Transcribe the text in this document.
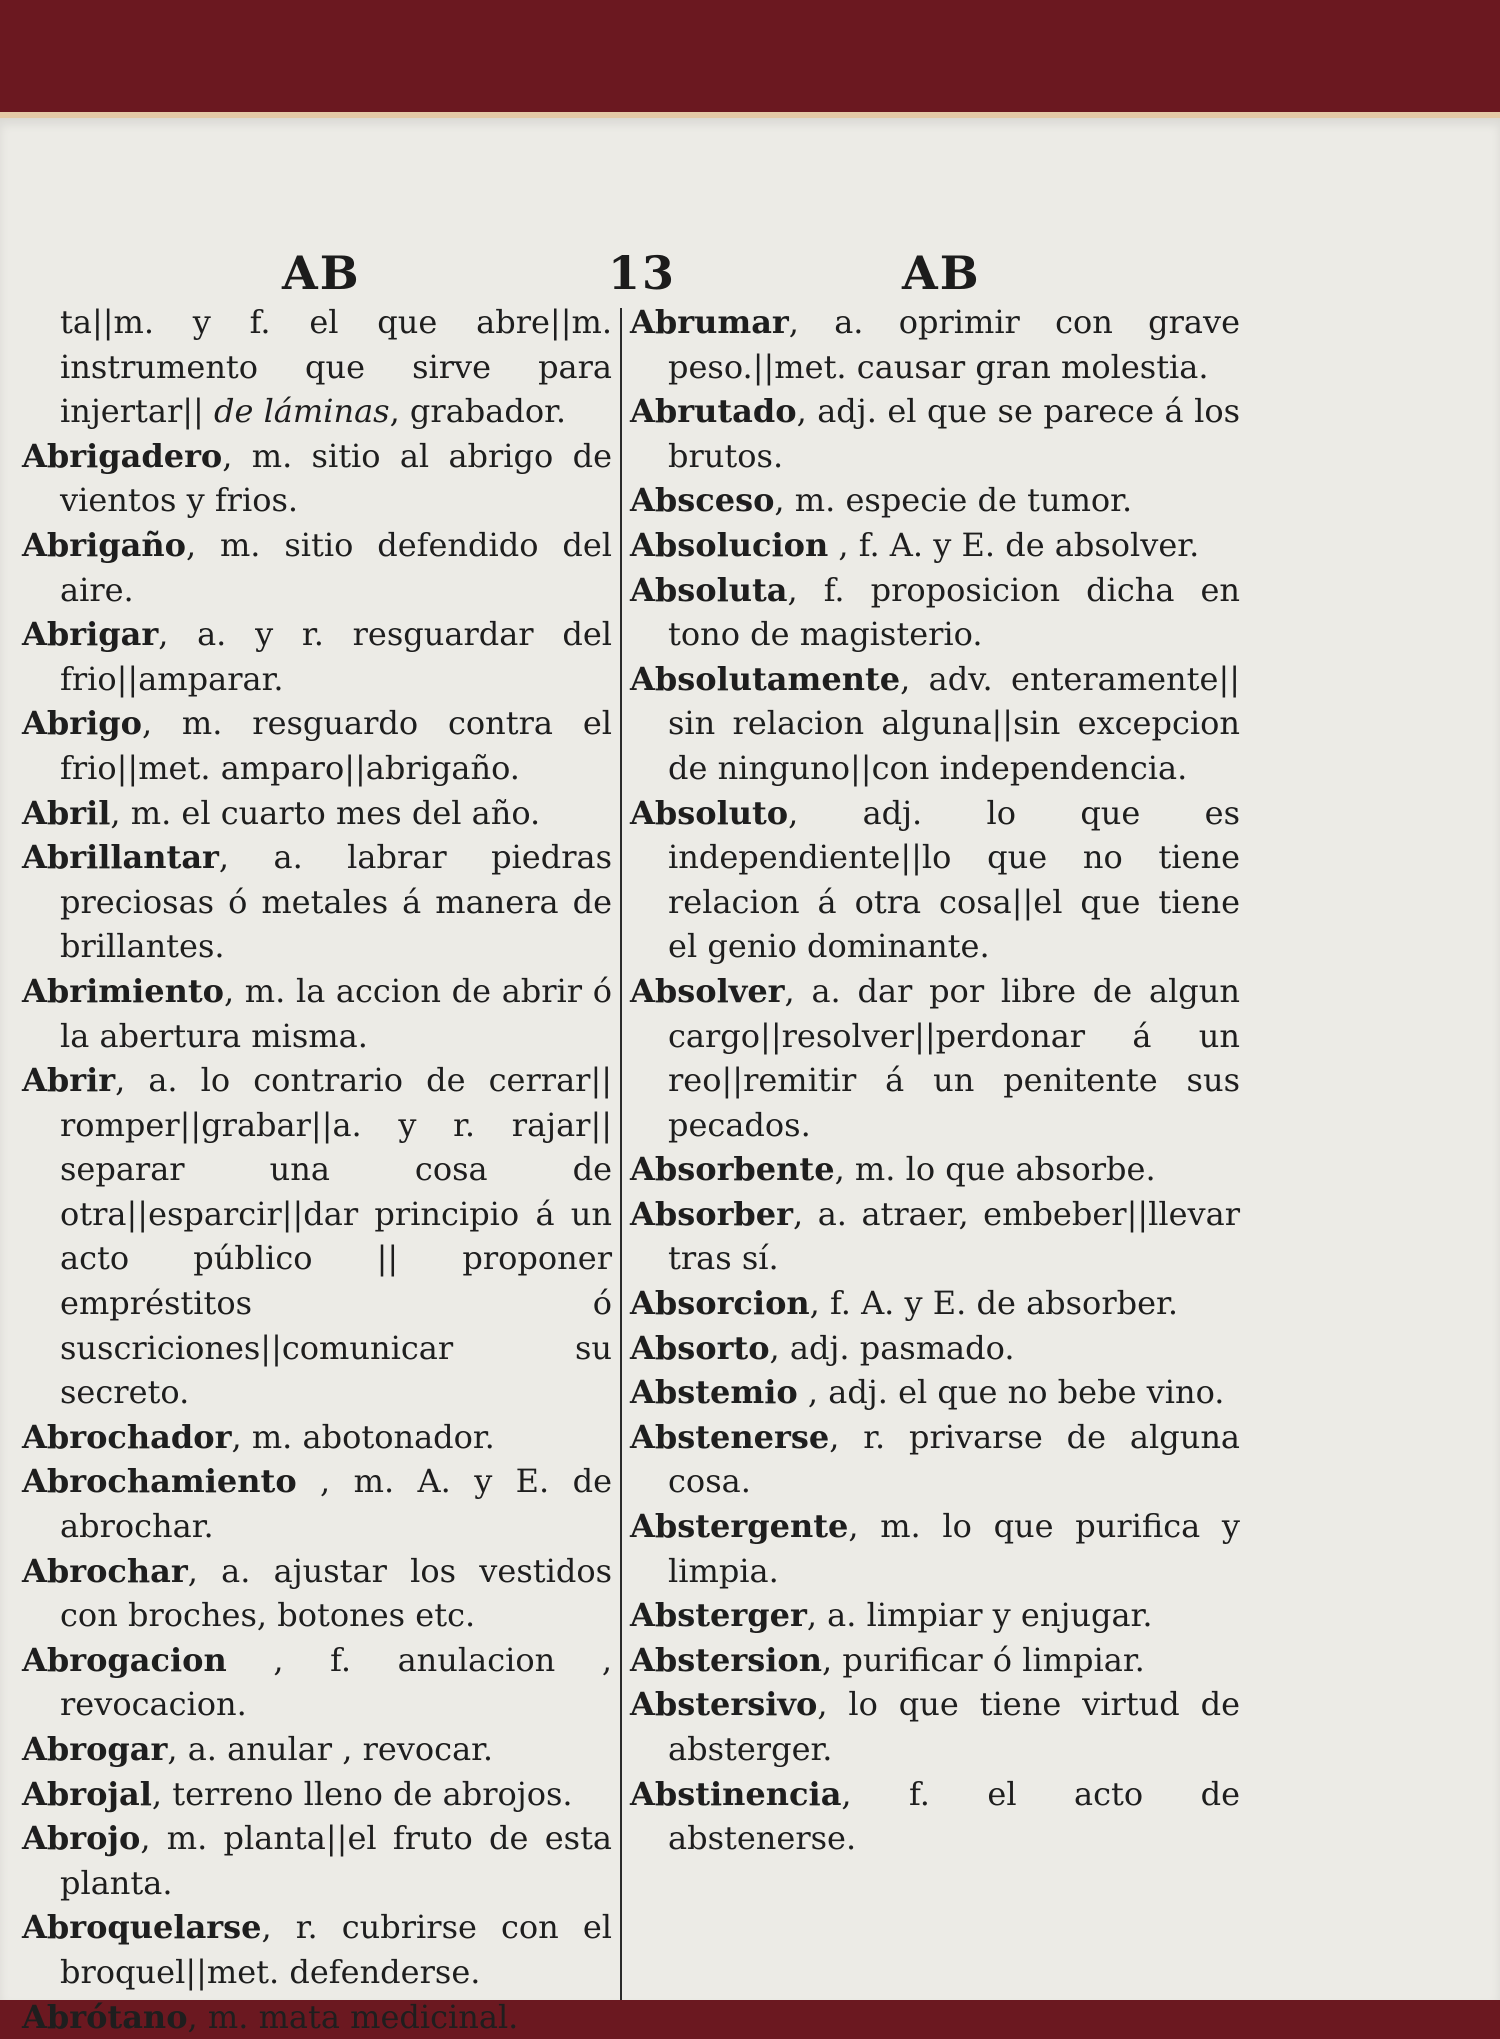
AB	13	AB

ta||m. y f. el que abre||m. instrumento que sirve para injertar|| de láminas, grabador.

Abrigadero, m. sitio al abrigo de vientos y frios.

Abrigaño, m. sitio defendido del aire.

Abrigar, a. y r. resguardar del frio||amparar.

Abrigo, m. resguardo contra el frio||met. amparo||abrigaño.

Abril, m. el cuarto mes del año.

Abrillantar, a. labrar piedras preciosas ó metales á manera de brillantes.

Abrimiento, m. la accion de abrir ó la abertura misma.

Abrir, a. lo contrario de cerrar|| romper||grabar||a. y r. rajar|| separar una cosa de otra||esparcir||dar principio á un acto público || proponer empréstitos ó suscriciones||comunicar su secreto.

Abrochador, m. abotonador.

Abrochamiento , m. A. y E. de abrochar.

Abrochar, a. ajustar los vestidos con broches, botones etc.

Abrogacion , f. anulacion , revocacion.

Abrogar, a. anular , revocar.

Abrojal, terreno lleno de abrojos.

Abrojo, m. planta||el fruto de esta planta.

Abroquelarse, r. cubrirse con el broquel||met. defenderse.

Abrótano, m. mata medicinal.

Abrumar, a. oprimir con grave peso.||met. causar gran molestia.

Abrutado, adj. el que se parece á los brutos.

Absceso, m. especie de tumor.

Absolucion , f. A. y E. de absolver.

Absoluta, f. proposicion dicha en tono de magisterio.

Absolutamente, adv. enteramente|| sin relacion alguna||sin excepcion de ninguno||con independencia.

Absoluto, adj. lo que es independiente||lo que no tiene relacion á otra cosa||el que tiene el genio dominante.

Absolver, a. dar por libre de algun cargo||resolver||perdonar á un reo||remitir á un penitente sus pecados.

Absorbente, m. lo que absorbe.

Absorber, a. atraer, embeber||llevar tras sí.

Absorcion, f. A. y E. de absorber.

Absorto, adj. pasmado.

Abstemio , adj. el que no bebe vino.

Abstenerse, r. privarse de alguna cosa.

Abstergente, m. lo que purifica y limpia.

Absterger, a. limpiar y enjugar.

Abstersion, purificar ó limpiar.

Abstersivo, lo que tiene virtud de absterger.

Abstinencia, f. el acto de abstenerse.
